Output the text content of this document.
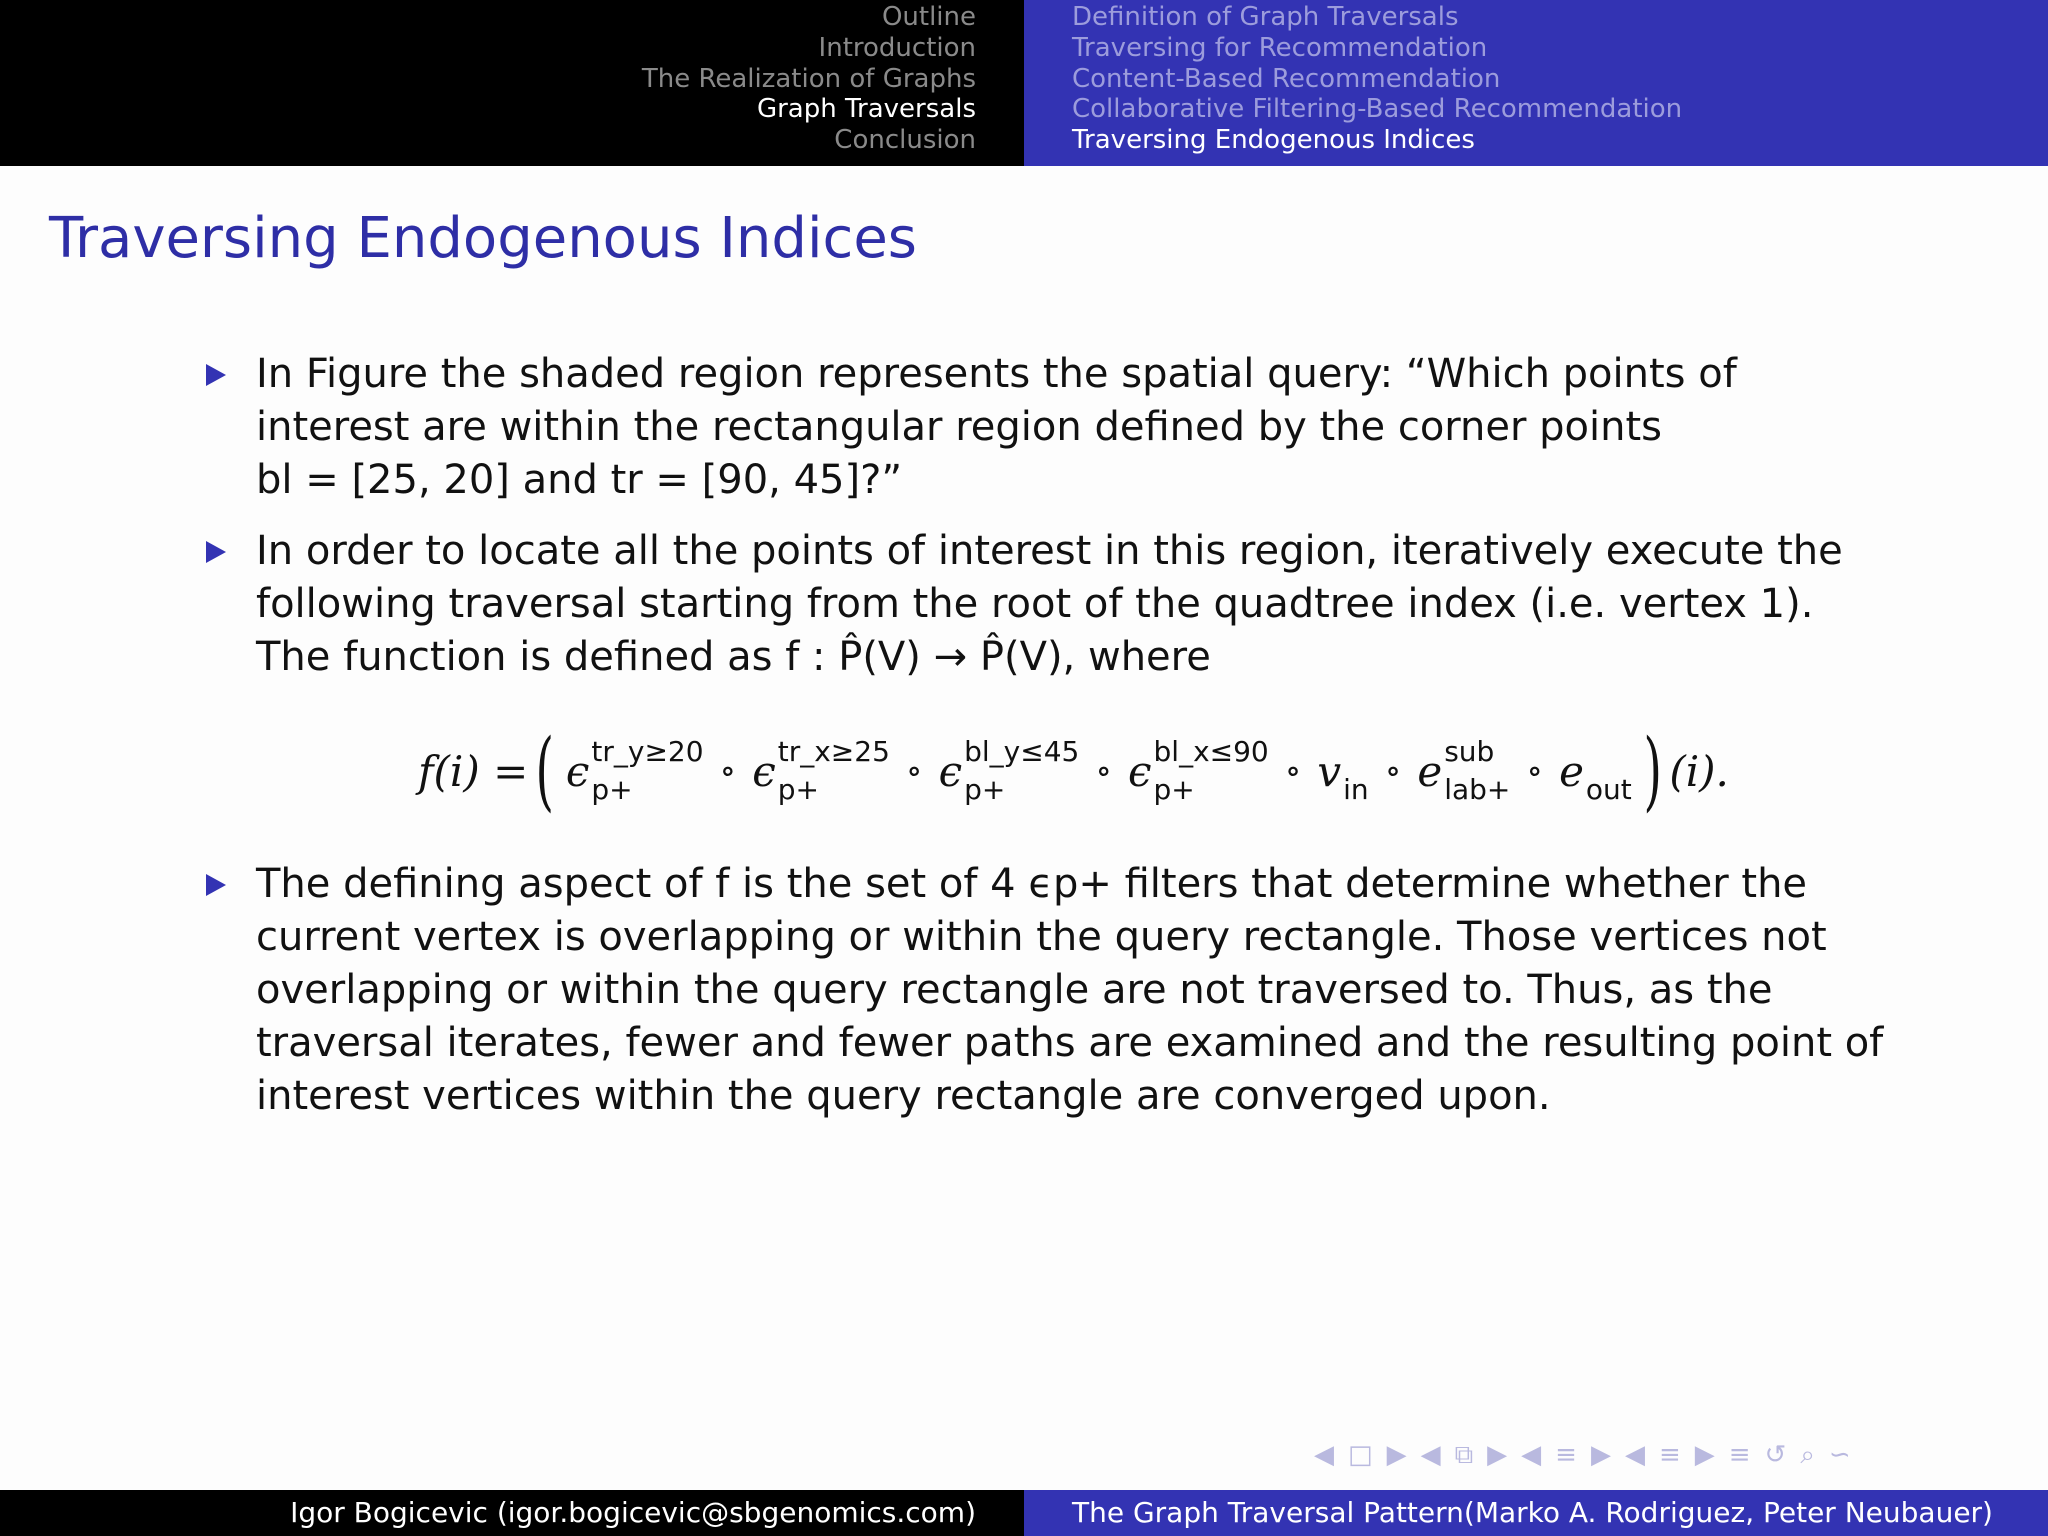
Outline
Introduction
The Realization of Graphs
Graph Traversals
Conclusion
Definition of Graph Traversals
Traversing for Recommendation
Content-Based Recommendation
Collaborative Filtering-Based Recommendation
Traversing Endogenous Indices
Traversing Endogenous Indices
In Figure the shaded region represents the spatial query: “Which points of
interest are within the rectangular region defined by the corner points
bl = [25, 20] and tr = [90, 45]?”
In order to locate all the points of interest in this region, iteratively execute the
following traversal starting from the root of the quadtree index (i.e. vertex 1).
The function is defined as f : P̂(V) → P̂(V), where
f(i) = ( ϵ tr_y≥20
p+	∘ ϵ tr_x≥25
p+	∘ ϵ bl_y≤45
p+	∘ ϵ bl_x≤90
p+	∘ v
in ∘ e sub
lab+ ∘ e
out ) (i).
The defining aspect of f is the set of 4 ϵp+ filters that determine whether the
current vertex is overlapping or within the query rectangle. Those vertices not
overlapping or within the query rectangle are not traversed to. Thus, as the
traversal iterates, fewer and fewer paths are examined and the resulting point of
interest vertices within the query rectangle are converged upon.
◀ □ ▶ ◀ ⧉ ▶ ◀ ≡ ▶ ◀ ≡ ▶ ≡ ↺ ⌕ ∽
Igor Bogicevic (igor.bogicevic@sbgenomics.com)	The Graph Traversal Pattern(Marko A. Rodriguez, Peter Neubauer)
